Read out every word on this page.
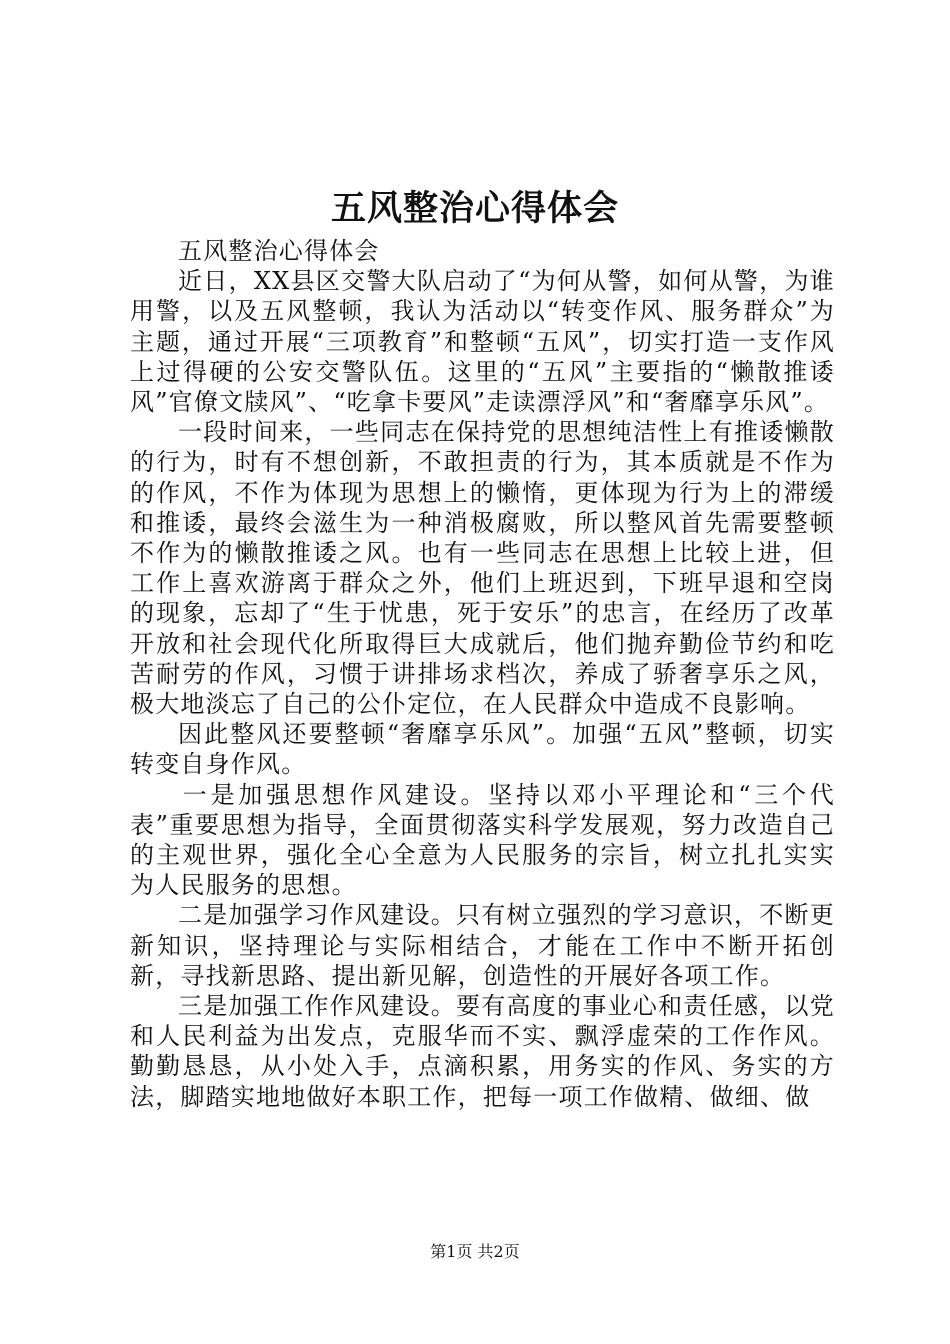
五风整治心得体会

五风整治心得体会

近日，XX县区交警大队启动了“为何从警，如何从警，为谁用警，以及五风整顿，我认为活动以“转变作风、服务群众”为主题，通过开展“三项教育”和整顿“五风”，切实打造一支作风上过得硬的公安交警队伍。这里的“五风”主要指的“懒散推诿风”官僚文牍风”、“吃拿卡要风”走读漂浮风”和“奢靡享乐风”。

一段时间来，一些同志在保持党的思想纯洁性上有推诿懒散的行为，时有不想创新，不敢担责的行为，其本质就是不作为的作风，不作为体现为思想上的懒惰，更体现为行为上的滞缓和推诿，最终会滋生为一种消极腐败，所以整风首先需要整顿不作为的懒散推诿之风。也有一些同志在思想上比较上进，但工作上喜欢游离于群众之外，他们上班迟到，下班早退和空岗的现象，忘却了“生于忧患，死于安乐”的忠言，在经历了改革开放和社会现代化所取得巨大成就后，他们抛弃勤俭节约和吃苦耐劳的作风，习惯于讲排场求档次，养成了骄奢享乐之风，极大地淡忘了自己的公仆定位，在人民群众中造成不良影响。

因此整风还要整顿“奢靡享乐风”。加强“五风”整顿，切实转变自身作风。

一是加强思想作风建设。坚持以邓小平理论和“三个代表”重要思想为指导，全面贯彻落实科学发展观，努力改造自己的主观世界，强化全心全意为人民服务的宗旨，树立扎扎实实为人民服务的思想。

二是加强学习作风建设。只有树立强烈的学习意识，不断更新知识，坚持理论与实际相结合，才能在工作中不断开拓创新，寻找新思路、提出新见解，创造性的开展好各项工作。

三是加强工作作风建设。要有高度的事业心和责任感，以党和人民利益为出发点，克服华而不实、飘浮虚荣的工作作风。勤勤恳恳，从小处入手，点滴积累，用务实的作风、务实的方法，脚踏实地地做好本职工作，把每一项工作做精、做细、做

第1页 共2页
